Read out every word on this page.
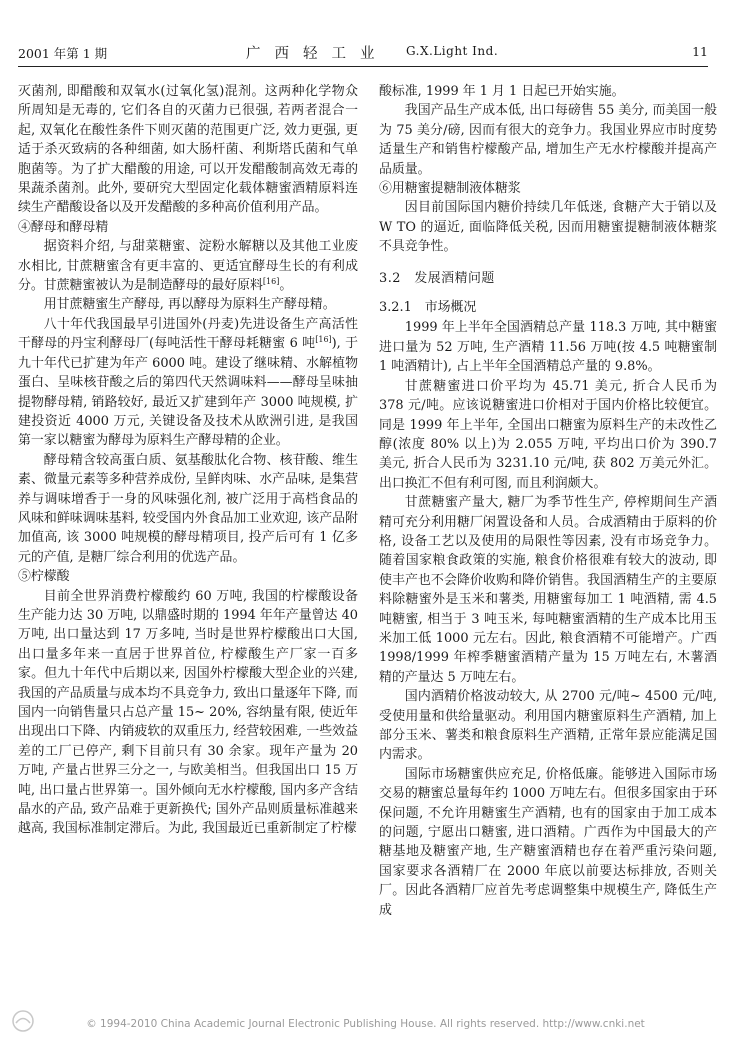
2001 年第 1 期	广西轻工业 G.X.Light Ind.	11

灭菌剂, 即醋酸和双氧水(过氧化氢)混剂。这两种化学物众所周知是无毒的, 它们各自的灭菌力已很强, 若两者混合一起, 双氧化在酸性条件下则灭菌的范围更广泛, 效力更强, 更适于杀灭致病的各种细菌, 如大肠杆菌、利斯塔氏菌和气单胞菌等。为了扩大醋酸的用途, 可以开发醋酸制高效无毒的果蔬杀菌剂。此外, 要研究大型固定化载体糖蜜酒精原料连续生产醋酸设备以及开发醋酸的多种高价值利用产品。

④酵母和酵母精

据资料介绍, 与甜菜糖蜜、淀粉水解糖以及其他工业废水相比, 甘蔗糖蜜含有更丰富的、更适宜酵母生长的有利成分。甘蔗糖蜜被认为是制造酵母的最好原料[16]。

用甘蔗糖蜜生产酵母, 再以酵母为原料生产酵母精。

八十年代我国最早引进国外(丹麦)先进设备生产高活性干酵母的丹宝利酵母厂(每吨活性干酵母耗糖蜜 6 吨[16]), 于九十年代已扩建为年产 6000 吨。建设了继味精、水解植物蛋白、呈味核苷酸之后的第四代天然调味料——酵母呈味抽提物酵母精, 销路较好, 最近又扩建到年产 3000 吨规模, 扩建投资近 4000 万元, 关键设备及技术从欧洲引进, 是我国第一家以糖蜜为酵母为原料生产酵母精的企业。

酵母精含较高蛋白质、氨基酸肽化合物、核苷酸、维生素、微量元素等多种营养成份, 呈鲜肉味、水产品味, 是集营养与调味增香于一身的风味强化剂, 被广泛用于高档食品的风味和鲜味调味基料, 较受国内外食品加工业欢迎, 该产品附加值高, 该 3000 吨规模的酵母精项目, 投产后可有 1 亿多元的产值, 是糖厂综合利用的优选产品。

⑤柠檬酸

目前全世界消费柠檬酸约 60 万吨, 我国的柠檬酸设备生产能力达 30 万吨, 以鼎盛时期的 1994 年年产量曾达 40 万吨, 出口量达到 17 万多吨, 当时是世界柠檬酸出口大国, 出口量多年来一直居于世界首位, 柠檬酸生产厂家一百多家。但九十年代中后期以来, 因国外柠檬酸大型企业的兴建, 我国的产品质量与成本均不具竞争力, 致出口量逐年下降, 而国内一向销售量只占总产量 15~ 20%, 容纳量有限, 使近年出现出口下降、内销疲软的双重压力, 经营较困难, 一些效益差的工厂已停产, 剩下目前只有 30 余家。现年产量为 20 万吨, 产量占世界三分之一, 与欧美相当。但我国出口 15 万吨, 出口量占世界第一。国外倾向无水柠檬酸, 国内多产含结晶水的产品, 致产品难于更新换代; 国外产品则质量标准越来越高, 我国标准制定滞后。为此, 我国最近已重新制定了柠檬

酸标准, 1999 年 1 月 1 日起已开始实施。

我国产品生产成本低, 出口每磅售 55 美分, 而美国一般为 75 美分/磅, 因而有很大的竞争力。我国业界应市时度势适量生产和销售柠檬酸产品, 增加生产无水柠檬酸并提高产品质量。

⑥用糖蜜提糖制液体糖浆

因目前国际国内糖价持续几年低迷, 食糖产大于销以及 W TO 的逼近, 面临降低关税, 因而用糖蜜提糖制液体糖浆不具竞争性。

3.2　发展酒精问题

3.2.1　市场概况

1999 年上半年全国酒精总产量 118.3 万吨, 其中糖蜜进口量为 52 万吨, 生产酒精 11.56 万吨(按 4.5 吨糖蜜制 1 吨酒精计), 占上半年全国酒精总产量的 9.8%。

甘蔗糖蜜进口价平均为 45.71 美元, 折合人民币为 378 元/吨。应该说糖蜜进口价相对于国内价格比较便宜。同是 1999 年上半年, 全国出口糖蜜为原料生产的未改性乙醇(浓度 80% 以上)为 2.055 万吨, 平均出口价为 390.7 美元, 折合人民币为 3231.10 元/吨, 获 802 万美元外汇。出口换汇不但有利可图, 而且利润颇大。

甘蔗糖蜜产量大, 糖厂为季节性生产, 停榨期间生产酒精可充分利用糖厂闲置设备和人员。合成酒精由于原料的价格, 设备工艺以及使用的局限性等因素, 没有市场竞争力。随着国家粮食政策的实施, 粮食价格很难有较大的波动, 即使丰产也不会降价收购和降价销售。我国酒精生产的主要原料除糖蜜外是玉米和薯类, 用糖蜜每加工 1 吨酒精, 需 4.5 吨糖蜜, 相当于 3 吨玉米, 每吨糖蜜酒精的生产成本比用玉米加工低 1000 元左右。因此, 粮食酒精不可能增产。广西 1998/1999 年榨季糖蜜酒精产量为 15 万吨左右, 木薯酒精的产量达 5 万吨左右。

国内酒精价格波动较大, 从 2700 元/吨~ 4500 元/吨, 受使用量和供给量驱动。利用国内糖蜜原料生产酒精, 加上部分玉米、薯类和粮食原料生产酒精, 正常年景应能满足国内需求。

国际市场糖蜜供应充足, 价格低廉。能够进入国际市场交易的糖蜜总量每年约 1000 万吨左右。但很多国家由于环保问题, 不允许用糖蜜生产酒精, 也有的国家由于加工成本的问题, 宁愿出口糖蜜, 进口酒精。广西作为中国最大的产糖基地及糖蜜产地, 生产糖蜜酒精也存在着严重污染问题, 国家要求各酒精厂在 2000 年底以前要达标排放, 否则关厂。因此各酒精厂应首先考虑调整集中规模生产, 降低生产成

© 1994-2010 China Academic Journal Electronic Publishing House. All rights reserved. http://www.cnki.net
